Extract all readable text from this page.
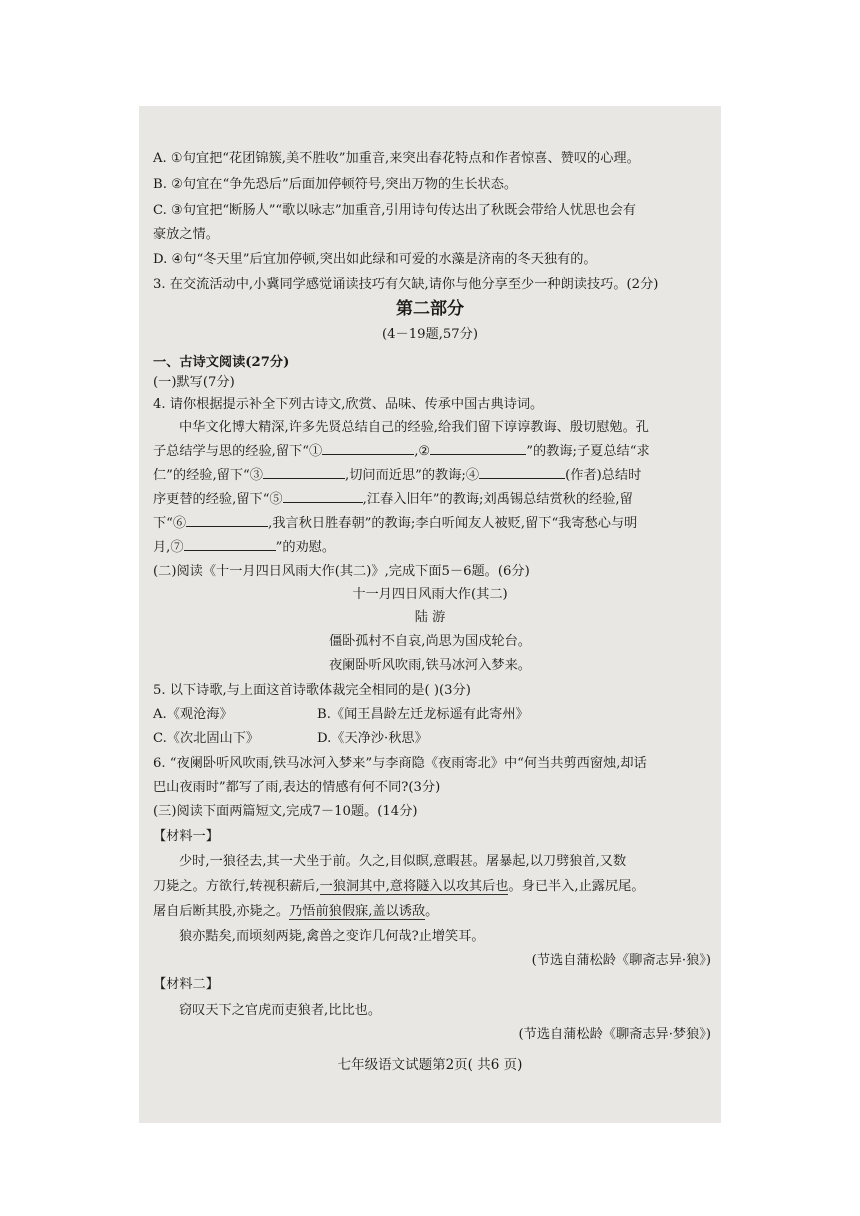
A. ①句宜把“花团锦簇,美不胜收”加重音,来突出春花特点和作者惊喜、赞叹的心理。
B. ②句宜在“争先恐后”后面加停顿符号,突出万物的生长状态。
C. ③句宜把“断肠人”“歌以咏志”加重音,引用诗句传达出了秋既会带给人忧思也会有
豪放之情。
D. ④句“冬天里”后宜加停顿,突出如此绿和可爱的水藻是济南的冬天独有的。
3. 在交流活动中,小冀同学感觉诵读技巧有欠缺,请你与他分享至少一种朗读技巧。(2分)
第二部分
(4－19题,57分)
一、古诗文阅读(27分)
(一)默写(7分)
4. 请你根据提示补全下列古诗文,欣赏、品味、传承中国古典诗词。
中华文化博大精深,许多先贤总结自己的经验,给我们留下谆谆教诲、殷切慰勉。孔
子总结学与思的经验,留下“①	,②	”的教诲;子夏总结“求
仁”的经验,留下“③	,切问而近思”的教诲;④	(作者)总结时
序更替的经验,留下“⑤	,江春入旧年”的教诲;刘禹锡总结赏秋的经验,留
下“⑥	,我言秋日胜春朝”的教诲;李白听闻友人被贬,留下“我寄愁心与明
月,⑦	”的劝慰。
(二)阅读《十一月四日风雨大作(其二)》,完成下面5－6题。(6分)
十一月四日风雨大作(其二)
陆 游
僵卧孤村不自哀,尚思为国戍轮台。
夜阑卧听风吹雨,铁马冰河入梦来。
5. 以下诗歌,与上面这首诗歌体裁完全相同的是( )(3分)
A.《观沧海》	B.《闻王昌龄左迁龙标遥有此寄州》
C.《次北固山下》	D.《天净沙·秋思》
6. “夜阑卧听风吹雨,铁马冰河入梦来”与李商隐《夜雨寄北》中“何当共剪西窗烛,却话
巴山夜雨时”都写了雨,表达的情感有何不同?(3分)
(三)阅读下面两篇短文,完成7－10题。(14分)
【材料一】
少时,一狼径去,其一犬坐于前。久之,目似瞑,意暇甚。屠暴起,以刀劈狼首,又数
刀毙之。方欲行,转视积薪后,一狼洞其中,意将隧入以攻其后也。身已半入,止露尻尾。
屠自后断其股,亦毙之。乃悟前狼假寐,盖以诱敌。
狼亦黠矣,而顷刻两毙,禽兽之变诈几何哉?止增笑耳。
(节选自蒲松龄《聊斋志异·狼》)
【材料二】
窃叹天下之官虎而吏狼者,比比也。
(节选自蒲松龄《聊斋志异·梦狼》)
七年级语文试题第2页( 共6 页)
